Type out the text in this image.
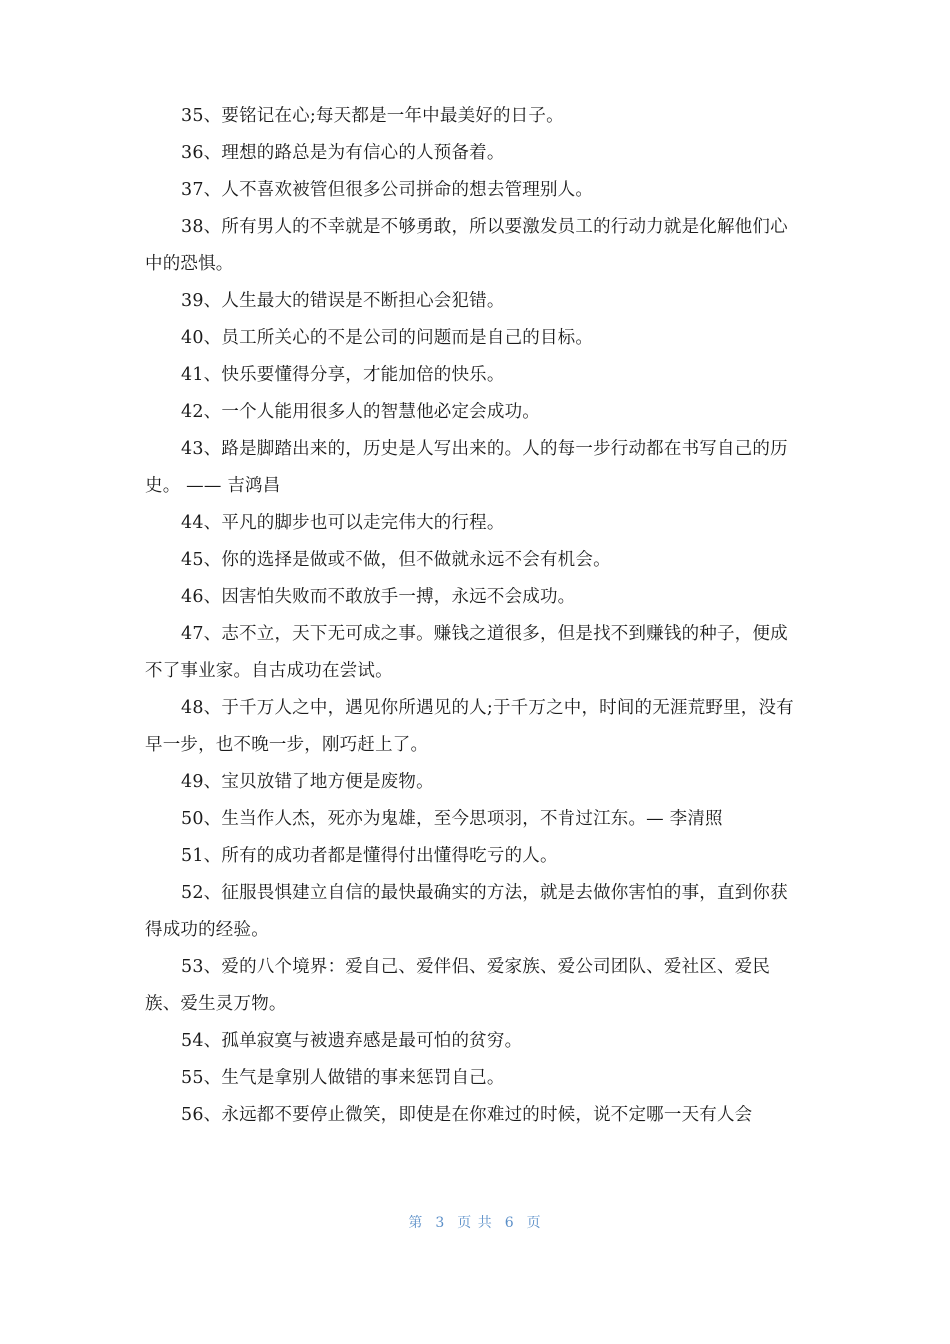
35、要铭记在心;每天都是一年中最美好的日子。

36、理想的路总是为有信心的人预备着。

37、人不喜欢被管但很多公司拼命的想去管理别人。

38、所有男人的不幸就是不够勇敢，所以要激发员工的行动力就是化解他们心中的恐惧。

39、人生最大的错误是不断担心会犯错。

40、员工所关心的不是公司的问题而是自己的目标。

41、快乐要懂得分享，才能加倍的快乐。

42、一个人能用很多人的智慧他必定会成功。

43、路是脚踏出来的，历史是人写出来的。人的每一步行动都在书写自己的历史。 —— 吉鸿昌

44、平凡的脚步也可以走完伟大的行程。

45、你的选择是做或不做，但不做就永远不会有机会。

46、因害怕失败而不敢放手一搏，永远不会成功。

47、志不立，天下无可成之事。赚钱之道很多，但是找不到赚钱的种子，便成不了事业家。自古成功在尝试。

48、于千万人之中，遇见你所遇见的人;于千万之中，时间的无涯荒野里，没有早一步，也不晚一步，刚巧赶上了。

49、宝贝放错了地方便是废物。

50、生当作人杰，死亦为鬼雄，至今思项羽，不肯过江东。— 李清照

51、所有的成功者都是懂得付出懂得吃亏的人。

52、征服畏惧建立自信的最快最确实的方法，就是去做你害怕的事，直到你获得成功的经验。

53、爱的八个境界：爱自己、爱伴侣、爱家族、爱公司团队、爱社区、爱民族、爱生灵万物。

54、孤单寂寞与被遗弃感是最可怕的贫穷。

55、生气是拿别人做错的事来惩罚自己。

56、永远都不要停止微笑，即使是在你难过的时候，说不定哪一天有人会

第 3 页 共 6 页
